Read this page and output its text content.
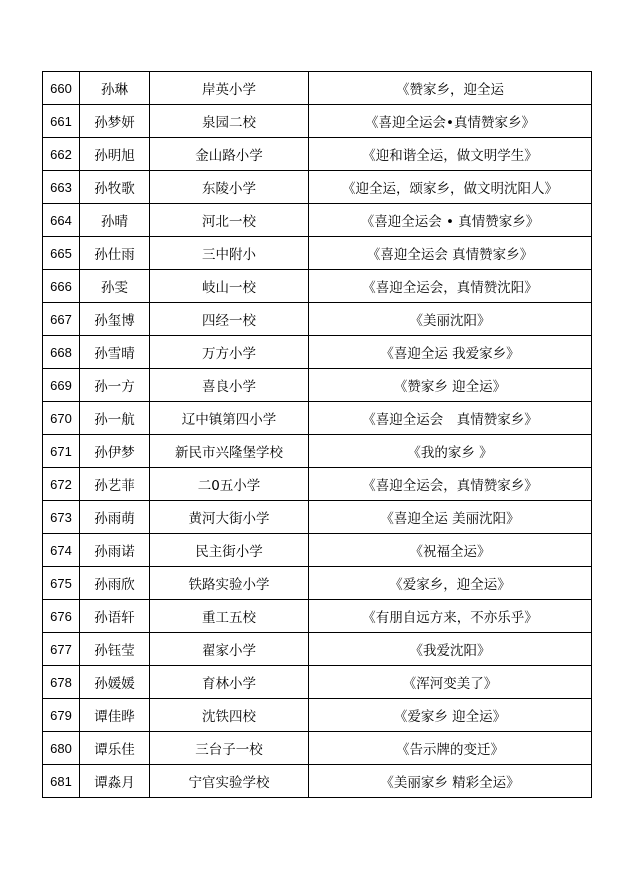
660	孙琳	岸英小学	《赞家乡，迎全运
661	孙梦妍	泉园二校	《喜迎全运会•真情赞家乡》
662	孙明旭	金山路小学	《迎和谐全运，做文明学生》
663	孙牧歌	东陵小学	《迎全运，颂家乡，做文明沈阳人》
664	孙晴	河北一校	《喜迎全运会 • 真情赞家乡》
665	孙仕雨	三中附小	《喜迎全运会 真情赞家乡》
666	孙雯	岐山一校	《喜迎全运会，真情赞沈阳》
667	孙玺博	四经一校	《美丽沈阳》
668	孙雪晴	万方小学	《喜迎全运 我爱家乡》
669	孙一方	喜良小学	《赞家乡 迎全运》
670	孙一航	辽中镇第四小学	《喜迎全运会　真情赞家乡》
671	孙伊梦	新民市兴隆堡学校	《我的家乡 》
672	孙艺菲	二0五小学	《喜迎全运会，真情赞家乡》
673	孙雨萌	黄河大街小学	《喜迎全运 美丽沈阳》
674	孙雨诺	民主街小学	《祝福全运》
675	孙雨欣	铁路实验小学	《爱家乡，迎全运》
676	孙语轩	重工五校	《有朋自远方来，不亦乐乎》
677	孙钰莹	翟家小学	《我爱沈阳》
678	孙媛媛	育林小学	《浑河变美了》
679	谭佳晔	沈铁四校	《爱家乡 迎全运》
680	谭乐佳	三台子一校	《告示牌的变迁》
681	谭淼月	宁官实验学校	《美丽家乡 精彩全运》
